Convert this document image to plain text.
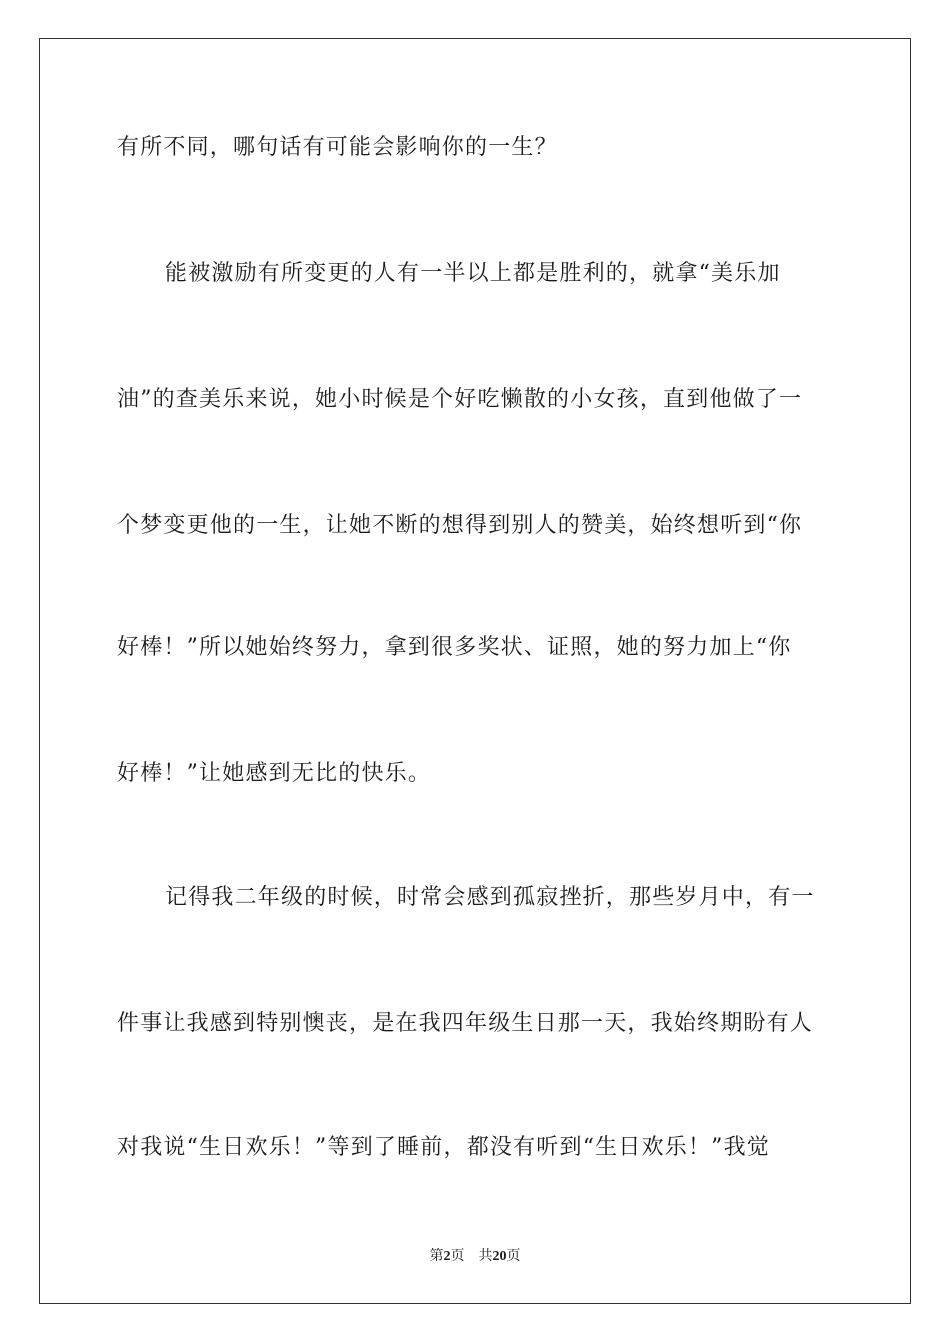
有所不同，哪句话有可能会影响你的一生？
能被激励有所变更的人有一半以上都是胜利的，就拿“美乐加
油”的查美乐来说，她小时候是个好吃懒散的小女孩，直到他做了一
个梦变更他的一生，让她不断的想得到别人的赞美，始终想听到“你
好棒！”所以她始终努力，拿到很多奖状、证照，她的努力加上“你
好棒！”让她感到无比的快乐。
记得我二年级的时候，时常会感到孤寂挫折，那些岁月中，有一
件事让我感到特别懊丧，是在我四年级生日那一天，我始终期盼有人
对我说“生日欢乐！”等到了睡前，都没有听到“生日欢乐！”我觉
第2页 共20页
